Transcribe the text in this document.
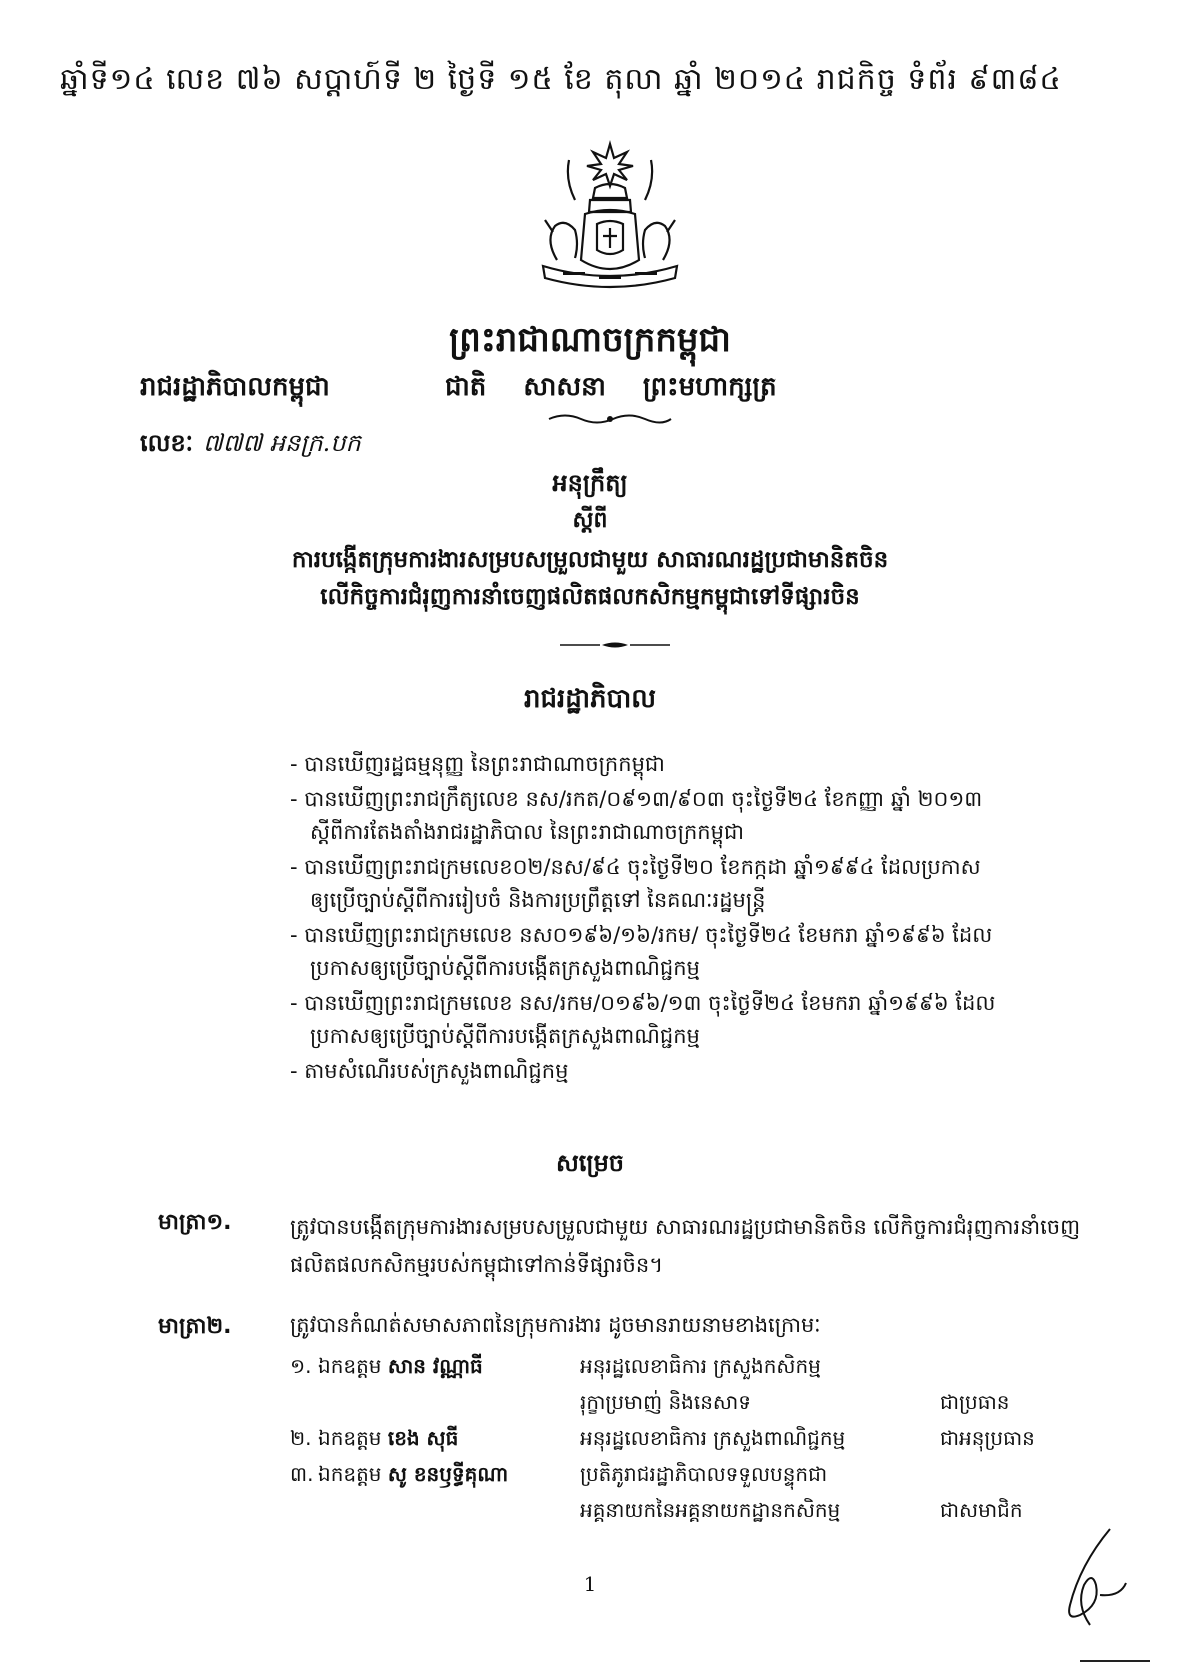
ឆ្នាំទី១៤ លេខ ៧៦ សប្តាហ៍ទី ២ ថ្ងៃទី ១៥ ខែ តុលា ឆ្នាំ ២០១៤ រាជកិច្ច ទំព័រ ៩៣៨៤
ព្រះរាជាណាចក្រកម្ពុជា
រាជរដ្ឋាភិបាលកម្ពុជា	ជាតិ សាសនា ព្រះមហាក្សត្រ
លេខៈ ៧៧៧ អនក្រ.បក
អនុក្រឹត្យ
ស្តីពី
ការបង្កើតក្រុមការងារសម្របសម្រួលជាមួយ សាធារណរដ្ឋប្រជាមានិតចិន
លើកិច្ចការជំរុញការនាំចេញផលិតផលកសិកម្មកម្ពុជាទៅទីផ្សារចិន
រាជរដ្ឋាភិបាល
- បានឃើញរដ្ឋធម្មនុញ្ញ នៃព្រះរាជាណាចក្រកម្ពុជា
- បានឃើញព្រះរាជក្រឹត្យលេខ នស/រកត/០៩១៣/៩០៣ ចុះថ្ងៃទី២៤ ខែកញ្ញា ឆ្នាំ ២០១៣
ស្តីពីការតែងតាំងរាជរដ្ឋាភិបាល នៃព្រះរាជាណាចក្រកម្ពុជា
- បានឃើញព្រះរាជក្រមលេខ០២/នស/៩៤ ចុះថ្ងៃទី២០ ខែកក្កដា ឆ្នាំ១៩៩៤ ដែលប្រកាស
ឲ្យប្រើច្បាប់ស្តីពីការរៀបចំ និងការប្រព្រឹត្តទៅ នៃគណៈរដ្ឋមន្ត្រី
- បានឃើញព្រះរាជក្រមលេខ នស០១៩៦/១៦/រកម/ ចុះថ្ងៃទី២៤ ខែមករា ឆ្នាំ១៩៩៦ ដែល
ប្រកាសឲ្យប្រើច្បាប់ស្តីពីការបង្កើតក្រសួងពាណិជ្ជកម្ម
- បានឃើញព្រះរាជក្រមលេខ នស/រកម/០១៩៦/១៣ ចុះថ្ងៃទី២៤ ខែមករា ឆ្នាំ១៩៩៦ ដែល
ប្រកាសឲ្យប្រើច្បាប់ស្តីពីការបង្កើតក្រសួងពាណិជ្ជកម្ម
- តាមសំណើរបស់ក្រសួងពាណិជ្ជកម្ម
សម្រេច
មាត្រា១.	ត្រូវបានបង្កើតក្រុមការងារសម្របសម្រួលជាមួយ សាធារណរដ្ឋប្រជាមានិតចិន លើកិច្ចការជំរុញការនាំចេញផលិតផលកសិកម្មរបស់កម្ពុជាទៅកាន់ទីផ្សារចិន។
មាត្រា២.	ត្រូវបានកំណត់សមាសភាពនៃក្រុមការងារ ដូចមានរាយនាមខាងក្រោមៈ
១.	ឯកឧត្តម សាន វណ្ណាធី	អនុរដ្ឋលេខាធិការ ក្រសួងកសិកម្ម	
		រុក្ខាប្រមាញ់ និងនេសាទ	ជាប្រធាន
២.	ឯកឧត្តម ខេង សុធី	អនុរដ្ឋលេខាធិការ ក្រសួងពាណិជ្ជកម្ម	ជាអនុប្រធាន
៣.	ឯកឧត្តម សូ ខនឫទ្ធីគុណា	ប្រតិភូរាជរដ្ឋាភិបាលទទួលបន្ទុកជា	
		អគ្គនាយកនៃអគ្គនាយកដ្ឋានកសិកម្ម	ជាសមាជិក
1
